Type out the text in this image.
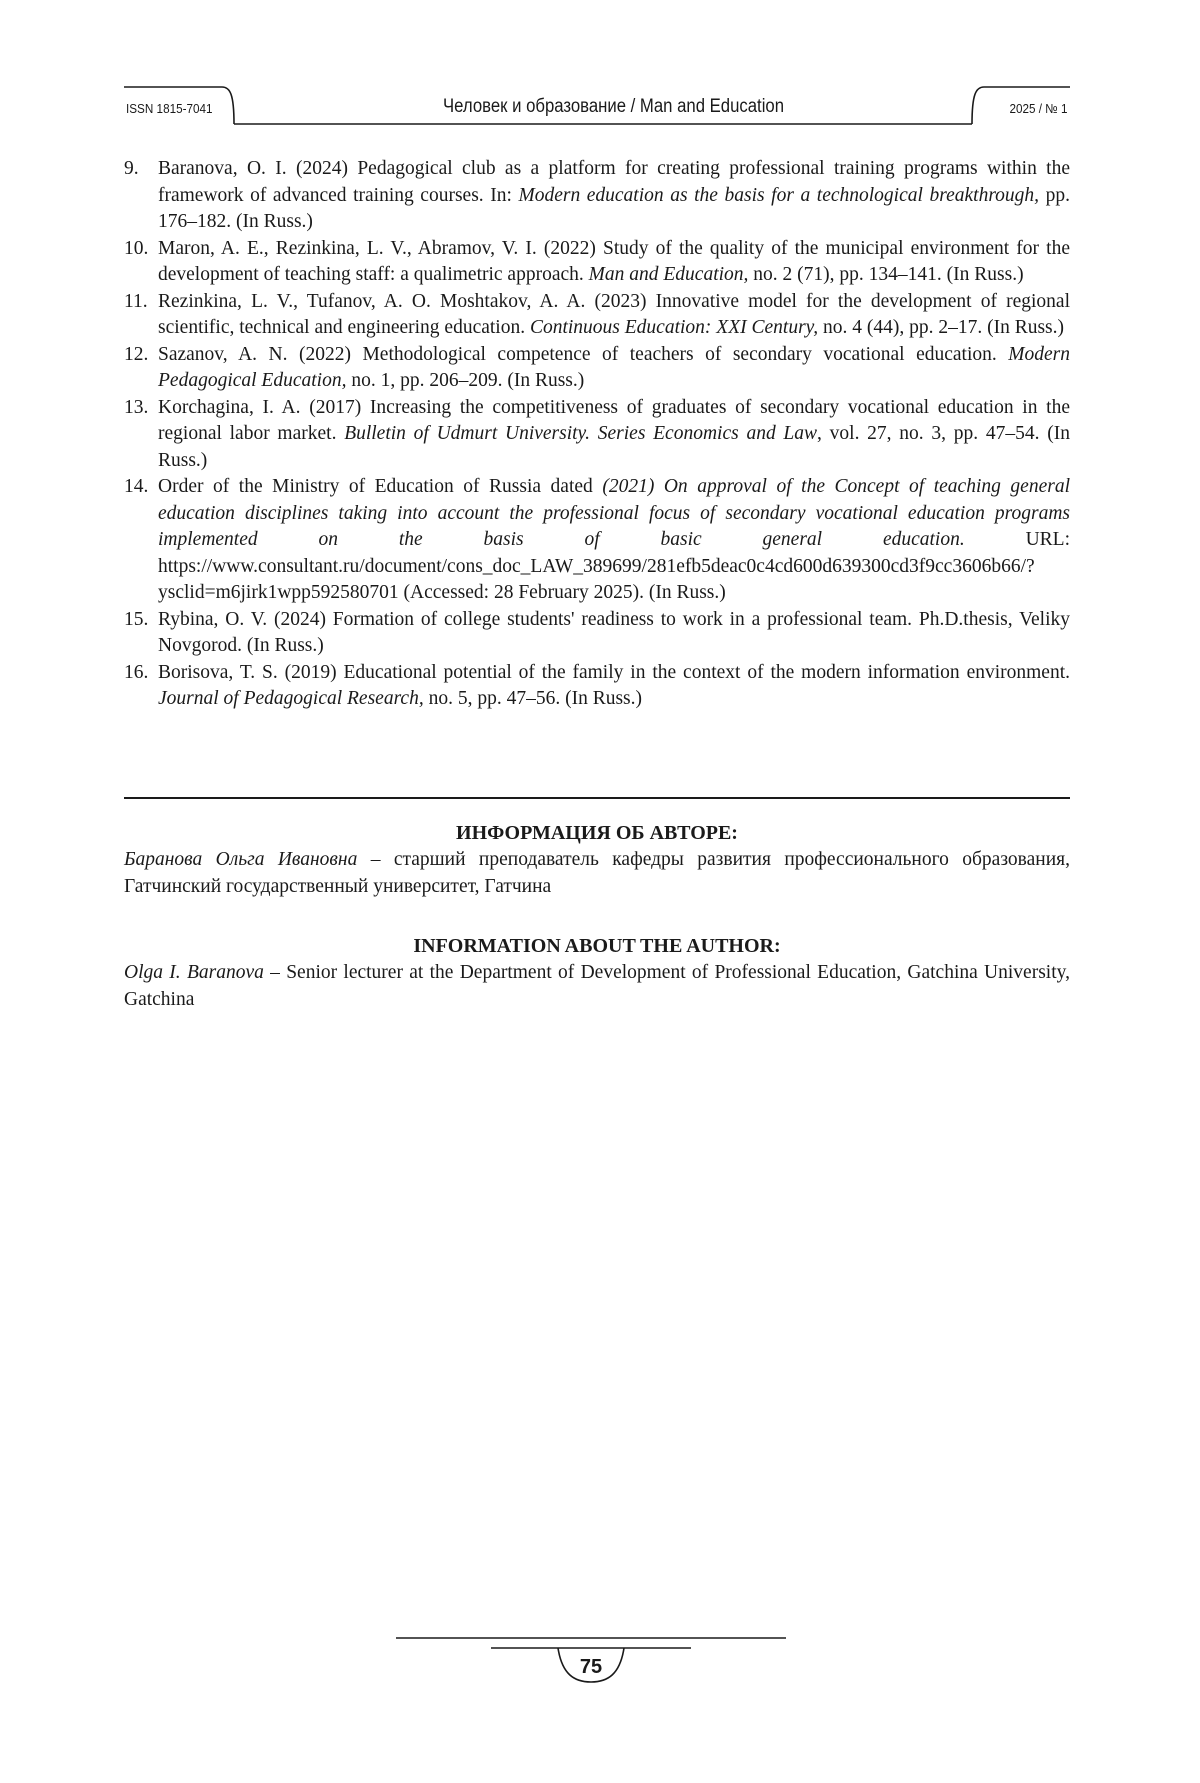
ISSN 1815-7041	Человек и образование / Man and Education	2025 / № 1
9. Baranova, O. I. (2024) Pedagogical club as a platform for creating professional training programs within the framework of advanced training courses. In: Modern education as the basis for a technological breakthrough, pp. 176–182. (In Russ.)
10. Maron, A. E., Rezinkina, L. V., Abramov, V. I. (2022) Study of the quality of the municipal environment for the development of teaching staff: a qualimetric approach. Man and Education, no. 2 (71), pp. 134–141. (In Russ.)
11. Rezinkina, L. V., Tufanov, A. O. Moshtakov, A. A. (2023) Innovative model for the development of regional scientific, technical and engineering education. Continuous Education: XXI Century, no. 4 (44), pp. 2–17. (In Russ.)
12. Sazanov, A. N. (2022) Methodological competence of teachers of secondary vocational education. Modern Pedagogical Education, no. 1, pp. 206–209. (In Russ.)
13. Korchagina, I. A. (2017) Increasing the competitiveness of graduates of secondary vocational education in the regional labor market. Bulletin of Udmurt University. Series Economics and Law, vol. 27, no. 3, pp. 47–54. (In Russ.)
14. Order of the Ministry of Education of Russia dated (2021) On approval of the Concept of teaching general education disciplines taking into account the professional focus of secondary vocational education programs implemented on the basis of basic general education. URL: https://www.consultant.ru/document/cons_doc_LAW_389699/281efb5deac0c4cd600d639300cd3f9cc3606b66/?ysclid=m6jirk1wpp592580701 (Accessed: 28 February 2025). (In Russ.)
15. Rybina, O. V. (2024) Formation of college students' readiness to work in a professional team. Ph.D.thesis, Veliky Novgorod. (In Russ.)
16. Borisova, T. S. (2019) Educational potential of the family in the context of the modern information environment. Journal of Pedagogical Research, no. 5, pp. 47–56. (In Russ.)
ИНФОРМАЦИЯ ОБ АВТОРЕ:

Баранова Ольга Ивановна – старший преподаватель кафедры развития профессионального образования, Гатчинский государственный университет, Гатчина

INFORMATION ABOUT THE AUTHOR:

Olga I. Baranova – Senior lecturer at the Department of Development of Professional Education, Gatchina University, Gatchina

75
